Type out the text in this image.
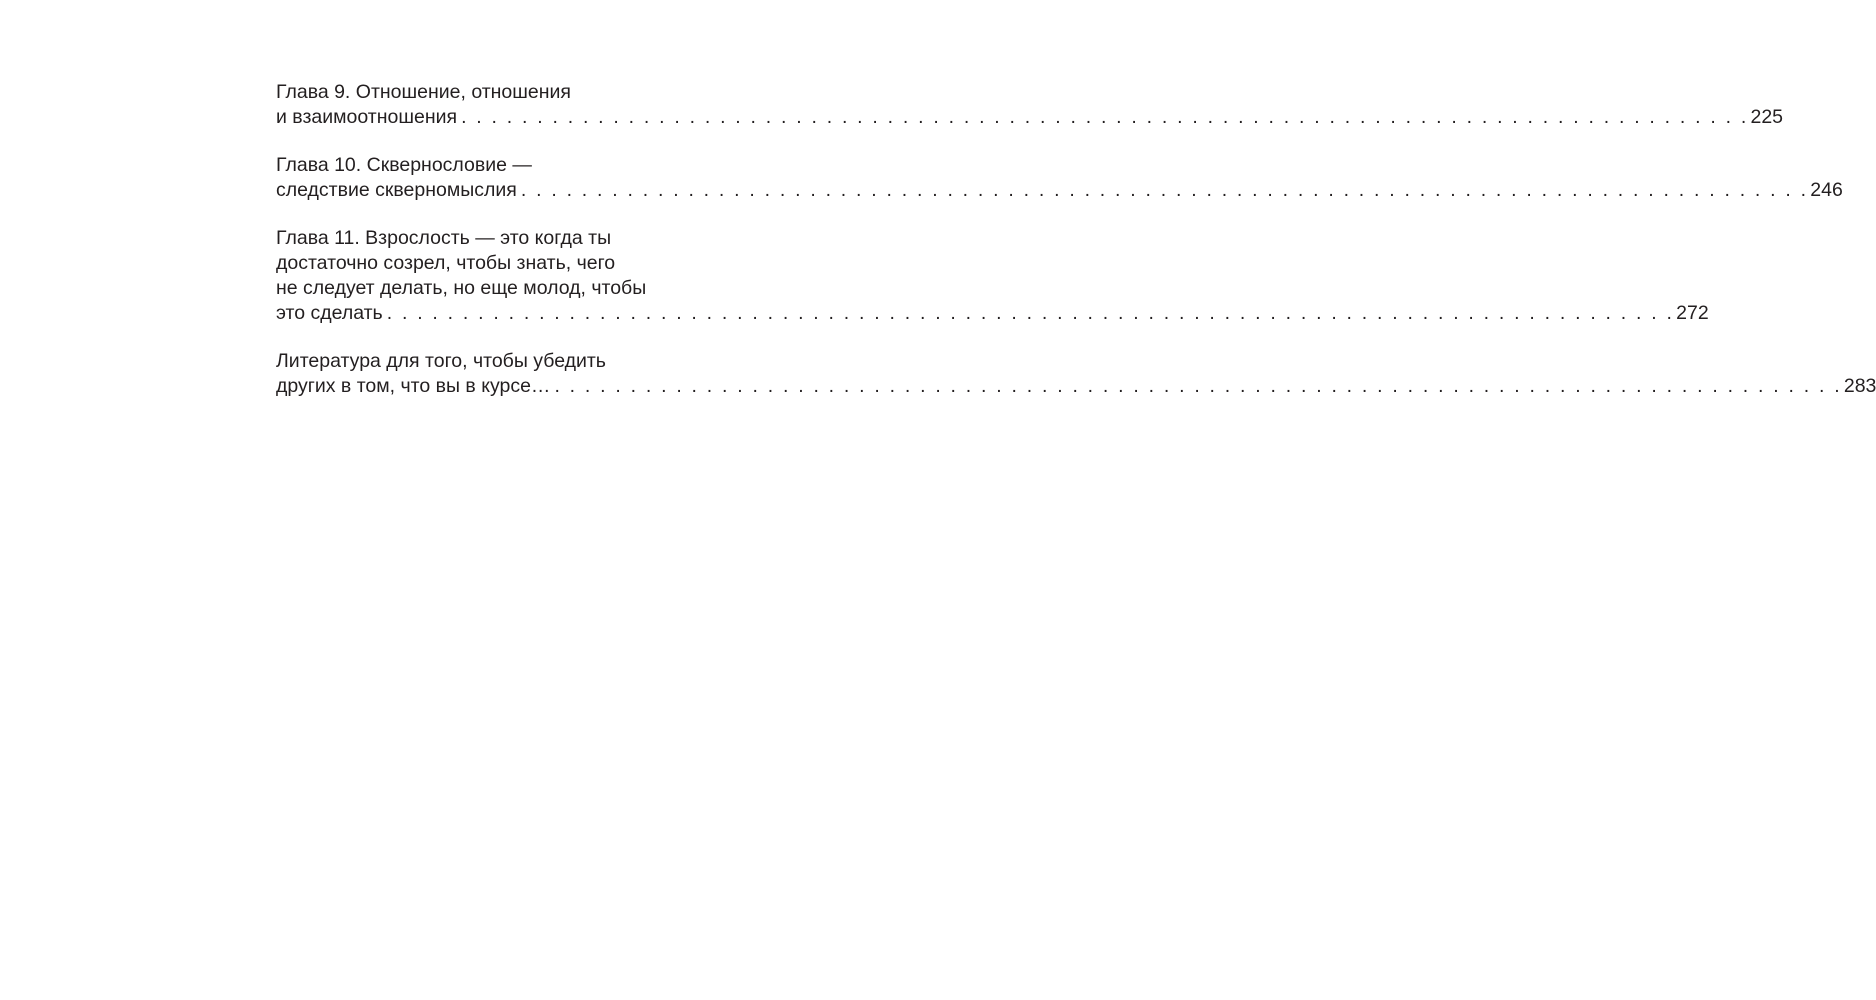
Глава 9. Отношение, отношения
и взаимоотношения . . . . . . . . . . . . . . . . . . . . . . . . . . . . . . . . . . . . . . . . . . . . . . . . . . . . . . . . . . . . . . . . . . . . . . . . . . . . . . . . . . . . . 225
Глава 10. Сквернословие —
следствие скверномыслия . . . . . . . . . . . . . . . . . . . . . . . . . . . . . . . . . . . . . . . . . . . . . . . . . . . . . . . . . . . . . . . . . . . . . . . . . . . . . . . . . . . . . 246
Глава 11. Взрослость — это когда ты
достаточно созрел, чтобы знать, чего
не следует делать, но еще молод, чтобы
это сделать . . . . . . . . . . . . . . . . . . . . . . . . . . . . . . . . . . . . . . . . . . . . . . . . . . . . . . . . . . . . . . . . . . . . . . . . . . . . . . . . . . . . . 272
Литература для того, чтобы убедить
других в том, что вы в курсе… . . . . . . . . . . . . . . . . . . . . . . . . . . . . . . . . . . . . . . . . . . . . . . . . . . . . . . . . . . . . . . . . . . . . . . . . . . . . . . . . . . . . . 283
